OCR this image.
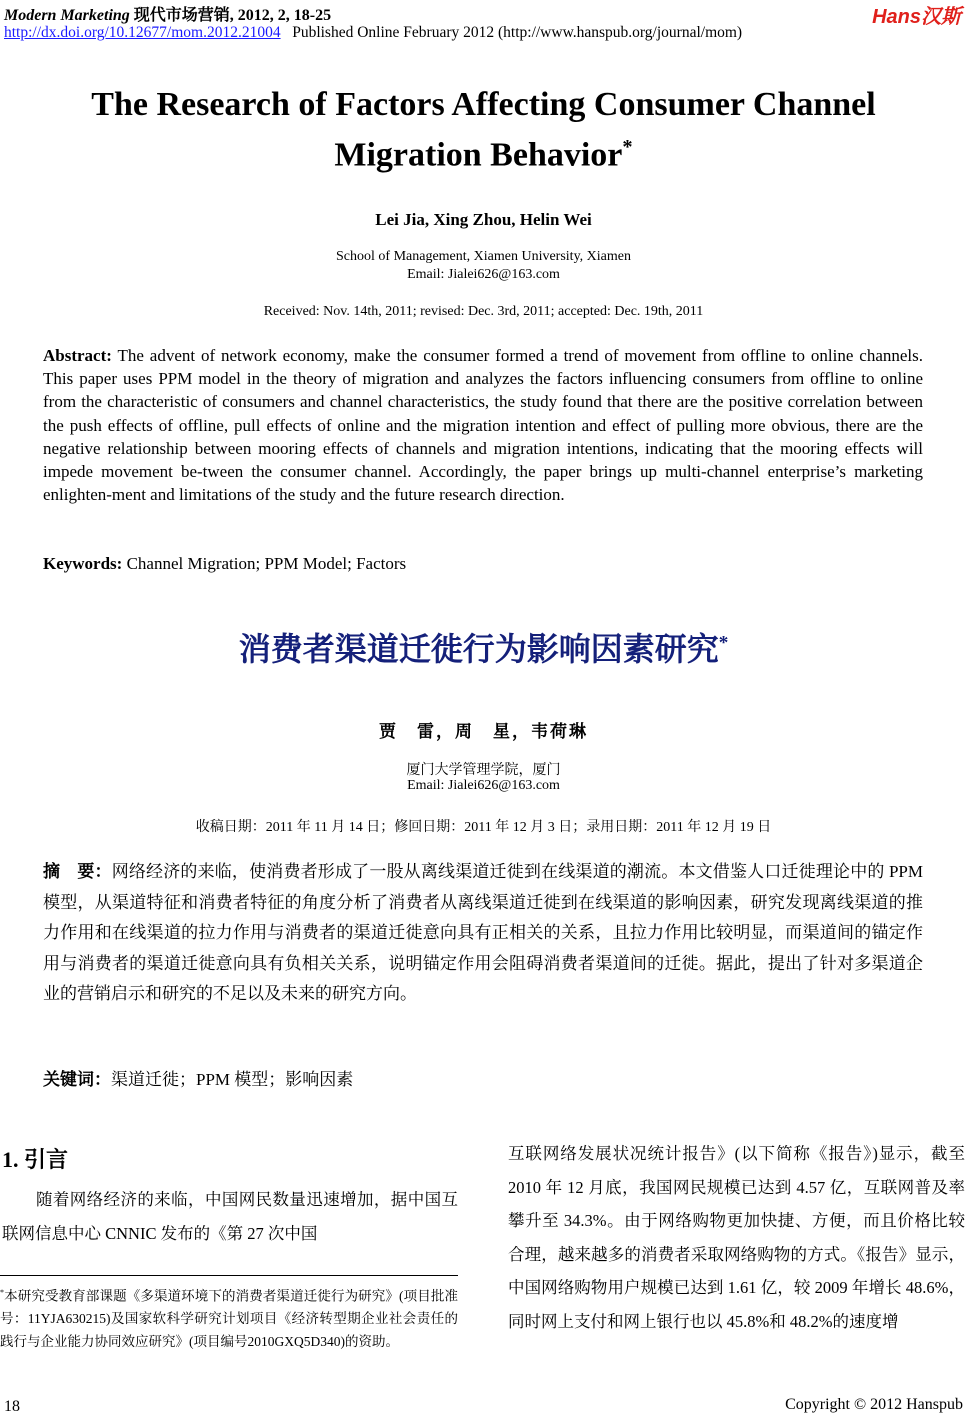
Modern Marketing 现代市场营销, 2012, 2, 18-25
http://dx.doi.org/10.12677/mom.2012.21004 Published Online February 2012 (http://www.hanspub.org/journal/mom)
Hans汉斯
The Research of Factors Affecting Consumer Channel Migration Behavior*
Lei Jia, Xing Zhou, Helin Wei
School of Management, Xiamen University, Xiamen
Email: Jialei626@163.com
Received: Nov. 14th, 2011; revised: Dec. 3rd, 2011; accepted: Dec. 19th, 2011
Abstract: The advent of network economy, make the consumer formed a trend of movement from offline to online channels. This paper uses PPM model in the theory of migration and analyzes the factors influencing consumers from offline to online from the characteristic of consumers and channel characteristics, the study found that there are the positive correlation between the push effects of offline, pull effects of online and the migration intention and effect of pulling more obvious, there are the negative relationship between mooring effects of channels and migration intentions, indicating that the mooring effects will impede movement be-tween the consumer channel. Accordingly, the paper brings up multi-channel enterprise’s marketing enlighten-ment and limitations of the study and the future research direction.
Keywords: Channel Migration; PPM Model; Factors
消费者渠道迁徙行为影响因素研究*
贾　雷，周　星，韦荷琳
厦门大学管理学院，厦门
Email: Jialei626@163.com
收稿日期：2011 年 11 月 14 日；修回日期：2011 年 12 月 3 日；录用日期：2011 年 12 月 19 日
摘　要：网络经济的来临，使消费者形成了一股从离线渠道迁徙到在线渠道的潮流。本文借鉴人口迁徙理论中的 PPM 模型，从渠道特征和消费者特征的角度分析了消费者从离线渠道迁徙到在线渠道的影响因素，研究发现离线渠道的推力作用和在线渠道的拉力作用与消费者的渠道迁徙意向具有正相关的关系，且拉力作用比较明显，而渠道间的锚定作用与消费者的渠道迁徙意向具有负相关关系，说明锚定作用会阻碍消费者渠道间的迁徙。据此，提出了针对多渠道企业的营销启示和研究的不足以及未来的研究方向。
关键词：渠道迁徙；PPM 模型；影响因素
1. 引言
随着网络经济的来临，中国网民数量迅速增加，据中国互联网信息中心 CNNIC 发布的《第 27 次中国
*本研究受教育部课题《多渠道环境下的消费者渠道迁徙行为研究》(项目批准号：11YJA630215)及国家软科学研究计划项目《经济转型期企业社会责任的践行与企业能力协同效应研究》(项目编号2010GXQ5D340)的资助。
互联网络发展状况统计报告》(以下简称《报告》)显示，截至 2010 年 12 月底，我国网民规模已达到 4.57 亿，互联网普及率攀升至 34.3%。由于网络购物更加快捷、方便，而且价格比较合理，越来越多的消费者采取网络购物的方式。《报告》显示，中国网络购物用户规模已达到 1.61 亿，较 2009 年增长 48.6%，同时网上支付和网上银行也以 45.8%和 48.2%的速度增
18	Copyright © 2012 Hanspub
